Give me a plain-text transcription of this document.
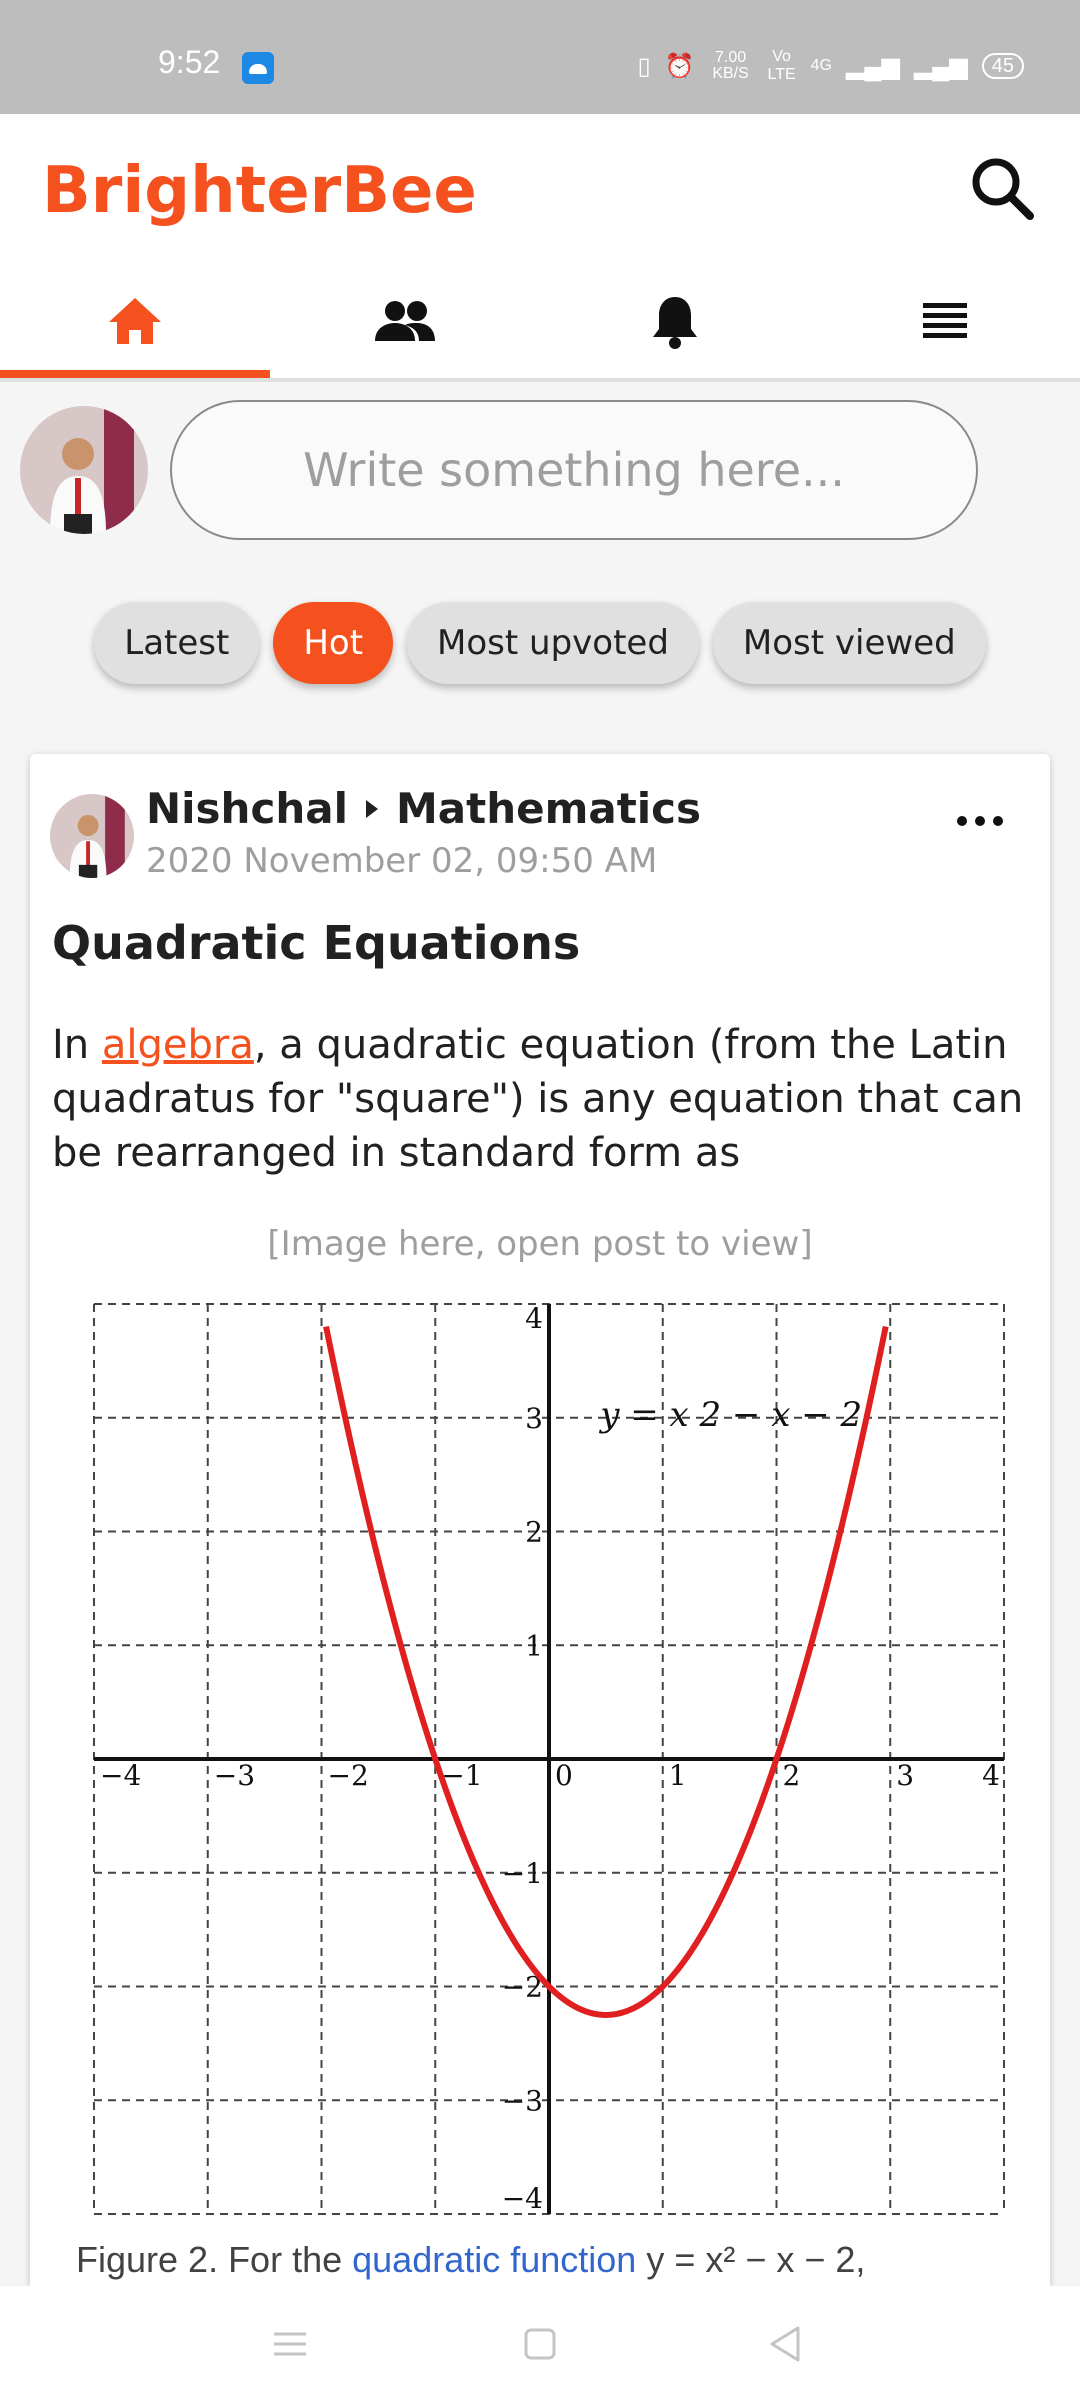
9:52	▯ ⏰	7.00 KB/S
Vo LTE
4G ▂▄▆ ▂▄▆	45
BrighterBee
Write something here...
Latest	Hot	Most upvoted	Most viewed
Nishchal Mathematics
2020 November 02, 09:50 AM
Quadratic Equations
In algebra, a quadratic equation (from the Latin quadratus for "square") is any equation that can be rearranged in standard form as
[Image here, open post to view]
−4	−3	−2	−1	0	1	2	3 4
4
3
2
1
−1
−2
−3
−4
y = x 2 − x − 2
Figure 2. For the quadratic function y = x² − x − 2,
